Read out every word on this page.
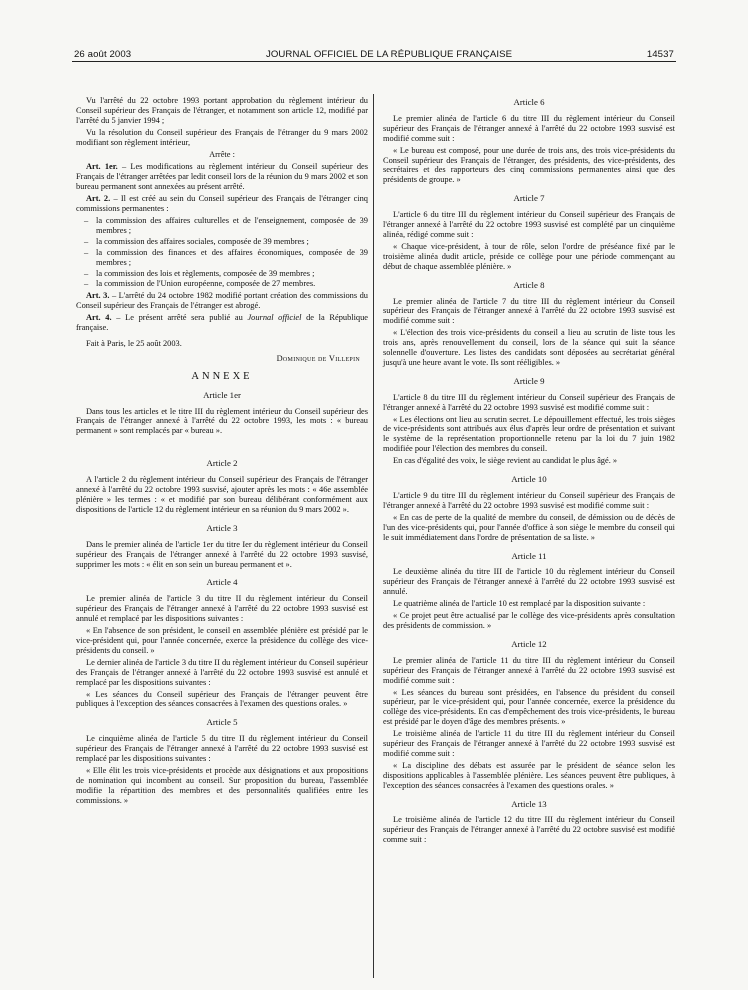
26 août 2003	JOURNAL OFFICIEL DE LA RÉPUBLIQUE FRANÇAISE	14537

Vu l'arrêté du 22 octobre 1993 portant approbation du règlement intérieur du Conseil supérieur des Français de l'étranger, et notamment son article 12, modifié par l'arrêté du 5 janvier 1994 ;

Vu la résolution du Conseil supérieur des Français de l'étranger du 9 mars 2002 modifiant son règlement intérieur,

Arrête :

Art. 1er. – Les modifications au règlement intérieur du Conseil supérieur des Français de l'étranger arrêtées par ledit conseil lors de la réunion du 9 mars 2002 et son bureau permanent sont annexées au présent arrêté.

Art. 2. – Il est créé au sein du Conseil supérieur des Français de l'étranger cinq commissions permanentes :

– la commission des affaires culturelles et de l'enseignement, composée de 39 membres ;
– la commission des affaires sociales, composée de 39 membres ;
– la commission des finances et des affaires économiques, composée de 39 membres ;
– la commission des lois et règlements, composée de 39 membres ;
– la commission de l'Union européenne, composée de 27 membres.

Art. 3. – L'arrêté du 24 octobre 1982 modifié portant création des commissions du Conseil supérieur des Français de l'étranger est abrogé.

Art. 4. – Le présent arrêté sera publié au Journal officiel de la République française.

Fait à Paris, le 25 août 2003.

Dominique de Villepin
ANNEXE
Article 1er

Dans tous les articles et le titre III du règlement intérieur du Conseil supérieur des Français de l'étranger annexé à l'arrêté du 22 octobre 1993, les mots : « bureau permanent » sont remplacés par « bureau ».

Article 2

A l'article 2 du règlement intérieur du Conseil supérieur des Français de l'étranger annexé à l'arrêté du 22 octobre 1993 susvisé, ajouter après les mots : « 46e assemblée plénière » les termes : « et modifié par son bureau délibérant conformément aux dispositions de l'article 12 du règlement intérieur en sa réunion du 9 mars 2002 ».

Article 3

Dans le premier alinéa de l'article 1er du titre Ier du règlement intérieur du Conseil supérieur des Français de l'étranger annexé à l'arrêté du 22 octobre 1993 susvisé, supprimer les mots : « élit en son sein un bureau permanent et ».

Article 4

Le premier alinéa de l'article 3 du titre II du règlement intérieur du Conseil supérieur des Français de l'étranger annexé à l'arrêté du 22 octobre 1993 susvisé est annulé et remplacé par les dispositions suivantes :

« En l'absence de son président, le conseil en assemblée plénière est présidé par le vice-président qui, pour l'année concernée, exerce la présidence du collège des vice-présidents du conseil. »

Le dernier alinéa de l'article 3 du titre II du règlement intérieur du Conseil supérieur des Français de l'étranger annexé à l'arrêté du 22 octobre 1993 susvisé est annulé et remplacé par les dispositions suivantes :

« Les séances du Conseil supérieur des Français de l'étranger peuvent être publiques à l'exception des séances consacrées à l'examen des questions orales. »

Article 5

Le cinquième alinéa de l'article 5 du titre II du règlement intérieur du Conseil supérieur des Français de l'étranger annexé à l'arrêté du 22 octobre 1993 susvisé est remplacé par les dispositions suivantes :

« Elle élit les trois vice-présidents et procède aux désignations et aux propositions de nomination qui incombent au conseil. Sur proposition du bureau, l'assemblée modifie la répartition des membres et des personnalités qualifiées entre les commissions. »

Article 6

Le premier alinéa de l'article 6 du titre III du règlement intérieur du Conseil supérieur des Français de l'étranger annexé à l'arrêté du 22 octobre 1993 susvisé est modifié comme suit :

« Le bureau est composé, pour une durée de trois ans, des trois vice-présidents du Conseil supérieur des Français de l'étranger, des présidents, des vice-présidents, des secrétaires et des rapporteurs des cinq commissions permanentes ainsi que des présidents de groupe. »

Article 7

L'article 6 du titre III du règlement intérieur du Conseil supérieur des Français de l'étranger annexé à l'arrêté du 22 octobre 1993 susvisé est complété par un cinquième alinéa, rédigé comme suit :

« Chaque vice-président, à tour de rôle, selon l'ordre de préséance fixé par le troisième alinéa dudit article, préside ce collège pour une période commençant au début de chaque assemblée plénière. »

Article 8

Le premier alinéa de l'article 7 du titre III du règlement intérieur du Conseil supérieur des Français de l'étranger annexé à l'arrêté du 22 octobre 1993 susvisé est modifié comme suit :

« L'élection des trois vice-présidents du conseil a lieu au scrutin de liste tous les trois ans, après renouvellement du conseil, lors de la séance qui suit la séance solennelle d'ouverture. Les listes des candidats sont déposées au secrétariat général jusqu'à une heure avant le vote. Ils sont rééligibles. »

Article 9

L'article 8 du titre III du règlement intérieur du Conseil supérieur des Français de l'étranger annexé à l'arrêté du 22 octobre 1993 susvisé est modifié comme suit :

« Les élections ont lieu au scrutin secret. Le dépouillement effectué, les trois sièges de vice-présidents sont attribués aux élus d'après leur ordre de présentation et suivant le système de la représentation proportionnelle retenu par la loi du 7 juin 1982 modifiée pour l'élection des membres du conseil.

En cas d'égalité des voix, le siège revient au candidat le plus âgé. »

Article 10

L'article 9 du titre III du règlement intérieur du Conseil supérieur des Français de l'étranger annexé à l'arrêté du 22 octobre 1993 susvisé est modifié comme suit :

« En cas de perte de la qualité de membre du conseil, de démission ou de décès de l'un des vice-présidents qui, pour l'année d'office à son siège le membre du conseil qui le suit immédiatement dans l'ordre de présentation de sa liste. »

Article 11

Le deuxième alinéa du titre III de l'article 10 du règlement intérieur du Conseil supérieur des Français de l'étranger annexé à l'arrêté du 22 octobre 1993 susvisé est annulé.

Le quatrième alinéa de l'article 10 est remplacé par la disposition suivante :

« Ce projet peut être actualisé par le collège des vice-présidents après consultation des présidents de commission. »

Article 12

Le premier alinéa de l'article 11 du titre III du règlement intérieur du Conseil supérieur des Français de l'étranger annexé à l'arrêté du 22 octobre 1993 susvisé est modifié comme suit :

« Les séances du bureau sont présidées, en l'absence du président du conseil supérieur, par le vice-président qui, pour l'année concernée, exerce la présidence du collège des vice-présidents. En cas d'empêchement des trois vice-présidents, le bureau est présidé par le doyen d'âge des membres présents. »

Le troisième alinéa de l'article 11 du titre III du règlement intérieur du Conseil supérieur des Français de l'étranger annexé à l'arrêté du 22 octobre 1993 susvisé est modifié comme suit :

« La discipline des débats est assurée par le président de séance selon les dispositions applicables à l'assemblée plénière. Les séances peuvent être publiques, à l'exception des séances consacrées à l'examen des questions orales. »

Article 13

Le troisième alinéa de l'article 12 du titre III du règlement intérieur du Conseil supérieur des Français de l'étranger annexé à l'arrêté du 22 octobre susvisé est modifié comme suit :
